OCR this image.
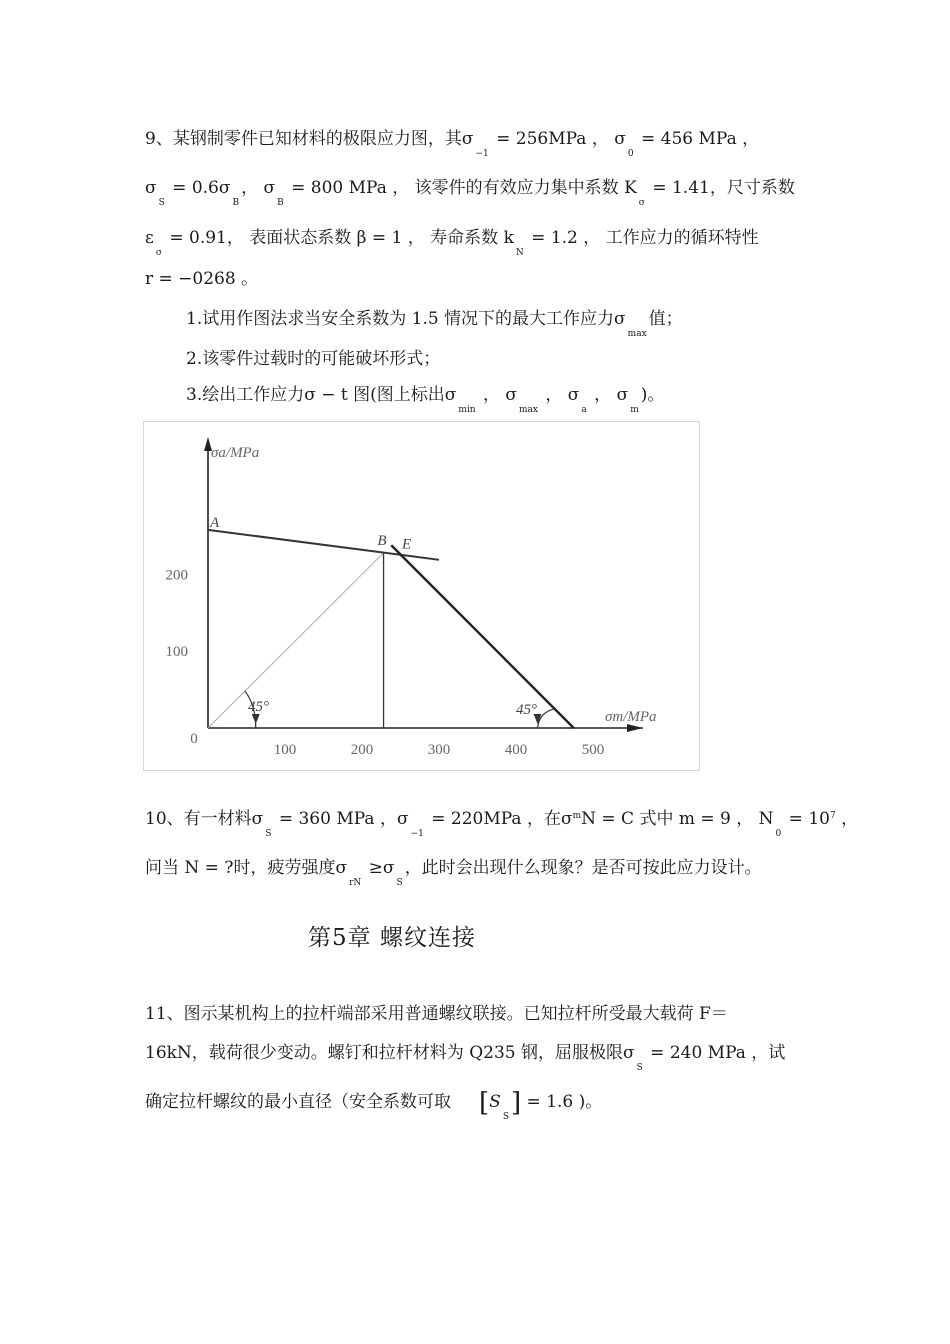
9、某钢制零件已知材料的极限应力图，其$\sigma_{-1} = 256MPa$ ， $\sigma_0 = 456$ MPa ，
$\sigma_S = 0.6\sigma_B$， $\sigma_B = 800$ MPa ， 该零件的有效应力集中系数 $K_\sigma = 1.41$，尺寸系数
$\varepsilon_\sigma = 0.91$， 表面状态系数 β = 1 ， 寿命系数 $k_N = 1.2$ ， 工作应力的循环特性
r = −0268 。
1.试用作图法求当安全系数为 1.5 情况下的最大工作应力$\sigma_{max}$值；
2.该零件过载时的可能破坏形式；
3.绘出工作应力σ − t 图(图上标出$\sigma_{min}$ ， $\sigma_{max}$ ， $\sigma_a$ ， $\sigma_m$)。
0
100	200	300	400	500
100
200
σa/MPa
σm/MPa
A
B E
45°	45°
10、有一材料$\sigma_S = 360$ MPa ，$\sigma_{-1} = 220MPa$ ，在$\sigma^mN = C$ 式中 m = 9 ， $N_0 = 10^7$ ，
问当 N = ?时，疲劳强度$\sigma_{rN} \ge\sigma_S$，此时会出现什么现象？是否可按此应力设计。
第5章 螺纹连接
11、图示某机构上的拉杆端部采用普通螺纹联接。已知拉杆所受最大载荷 F＝
16kN，载荷很少变动。螺钉和拉杆材料为 Q235 钢，屈服极限$\sigma_S = 240$ MPa ，试
确定拉杆螺纹的最小直径（安全系数可取 $[S_S] = 1.6$ )。
